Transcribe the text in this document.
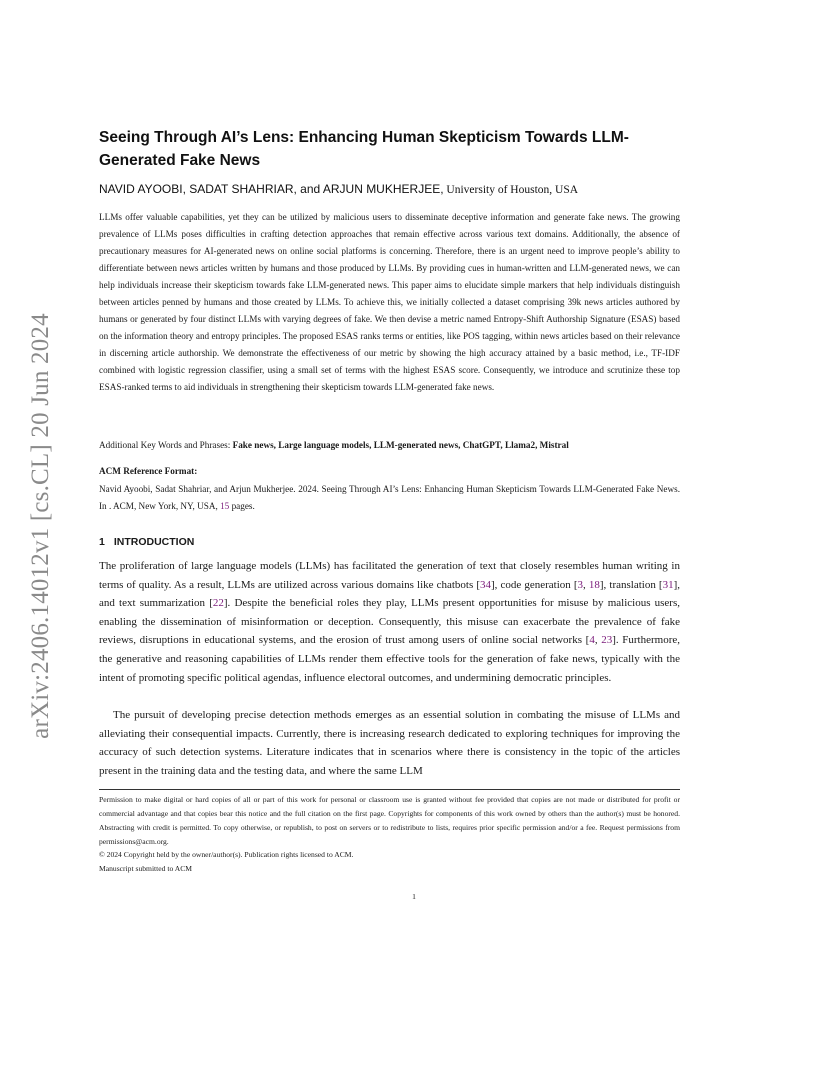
arXiv:2406.14012v1 [cs.CL] 20 Jun 2024
Seeing Through AI’s Lens: Enhancing Human Skepticism Towards LLM-Generated Fake News
NAVID AYOOBI, SADAT SHAHRIAR, and ARJUN MUKHERJEE, University of Houston, USA

LLMs offer valuable capabilities, yet they can be utilized by malicious users to disseminate deceptive information and generate fake news. The growing prevalence of LLMs poses difficulties in crafting detection approaches that remain effective across various text domains. Additionally, the absence of precautionary measures for AI-generated news on online social platforms is concerning. Therefore, there is an urgent need to improve people’s ability to differentiate between news articles written by humans and those produced by LLMs. By providing cues in human-written and LLM-generated news, we can help individuals increase their skepticism towards fake LLM-generated news. This paper aims to elucidate simple markers that help individuals distinguish between articles penned by humans and those created by LLMs. To achieve this, we initially collected a dataset comprising 39k news articles authored by humans or generated by four distinct LLMs with varying degrees of fake. We then devise a metric named Entropy-Shift Authorship Signature (ESAS) based on the information theory and entropy principles. The proposed ESAS ranks terms or entities, like POS tagging, within news articles based on their relevance in discerning article authorship. We demonstrate the effectiveness of our metric by showing the high accuracy attained by a basic method, i.e., TF-IDF combined with logistic regression classifier, using a small set of terms with the highest ESAS score. Consequently, we introduce and scrutinize these top ESAS-ranked terms to aid individuals in strengthening their skepticism towards LLM-generated fake news.

Additional Key Words and Phrases: Fake news, Large language models, LLM-generated news, ChatGPT, Llama2, Mistral
ACM Reference Format:

Navid Ayoobi, Sadat Shahriar, and Arjun Mukherjee. 2024. Seeing Through AI’s Lens: Enhancing Human Skepticism Towards LLM-Generated Fake News. In . ACM, New York, NY, USA, 15 pages.

1 INTRODUCTION

The proliferation of large language models (LLMs) has facilitated the generation of text that closely resembles human writing in terms of quality. As a result, LLMs are utilized across various domains like chatbots [34], code generation [3, 18], translation [31], and text summarization [22]. Despite the beneficial roles they play, LLMs present opportunities for misuse by malicious users, enabling the dissemination of misinformation or deception. Consequently, this misuse can exacerbate the prevalence of fake reviews, disruptions in educational systems, and the erosion of trust among users of online social networks [4, 23]. Furthermore, the generative and reasoning capabilities of LLMs render them effective tools for the generation of fake news, typically with the intent of promoting specific political agendas, influence electoral outcomes, and undermining democratic principles.

The pursuit of developing precise detection methods emerges as an essential solution in combating the misuse of LLMs and alleviating their consequential impacts. Currently, there is increasing research dedicated to exploring techniques for improving the accuracy of such detection systems. Literature indicates that in scenarios where there is consistency in the topic of the articles present in the training data and the testing data, and where the same LLM

Permission to make digital or hard copies of all or part of this work for personal or classroom use is granted without fee provided that copies are not made or distributed for profit or commercial advantage and that copies bear this notice and the full citation on the first page. Copyrights for components of this work owned by others than the author(s) must be honored. Abstracting with credit is permitted. To copy otherwise, or republish, to post on servers or to redistribute to lists, requires prior specific permission and/or a fee. Request permissions from permissions@acm.org.

© 2024 Copyright held by the owner/author(s). Publication rights licensed to ACM.
Manuscript submitted to ACM
1
